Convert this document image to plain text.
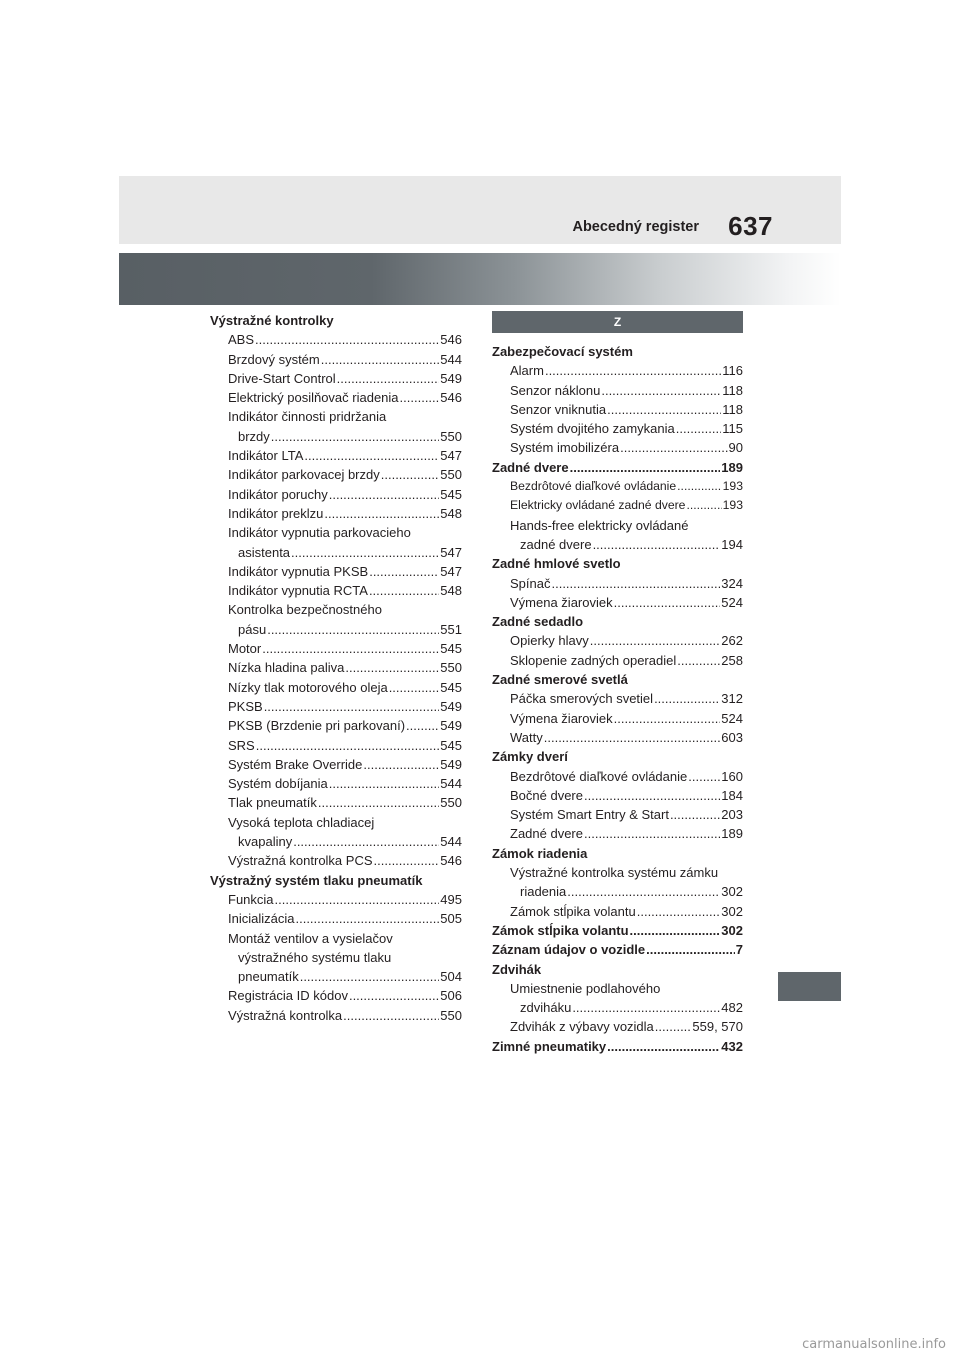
Abecedný register 637
Výstražné kontrolky
ABS .....	546
Brzdový systém .....	544
Drive-Start Control .....	549
Elektrický posilňovač riadenia .....	546
Indikátor činnosti pridržania
brzdy .....	550
Indikátor LTA .....	547
Indikátor parkovacej brzdy .....	550
Indikátor poruchy .....	545
Indikátor preklzu .....	548
Indikátor vypnutia parkovacieho
asistenta .....	547
Indikátor vypnutia PKSB .....	547
Indikátor vypnutia RCTA .....	548
Kontrolka bezpečnostného
pásu .....	551
Motor .....	545
Nízka hladina paliva .....	550
Nízky tlak motorového oleja .....	545
PKSB .....	549
PKSB (Brzdenie pri parkovaní) .....	549
SRS .....	545
Systém Brake Override .....	549
Systém dobíjania .....	544
Tlak pneumatík .....	550
Vysoká teplota chladiacej
kvapaliny .....	544
Výstražná kontrolka PCS .....	546
Výstražný systém tlaku pneumatík
Funkcia .....	495
Inicializácia .....	505
Montáž ventilov a vysielačov
výstražného systému tlaku
pneumatík .....	504
Registrácia ID kódov .....	506
Výstražná kontrolka .....	550
Z
Zabezpečovací systém
Alarm .....	116
Senzor náklonu .....	118
Senzor vniknutia .....	118
Systém dvojitého zamykania .....	115
Systém imobilizéra .....	90
Zadné dvere .....	189
Bezdrôtové diaľkové ovládanie .....	193
Elektricky ovládané zadné dvere .....	193
Hands-free elektricky ovládané
zadné dvere .....	194
Zadné hmlové svetlo
Spínač .....	324
Výmena žiaroviek .....	524
Zadné sedadlo
Opierky hlavy .....	262
Sklopenie zadných operadiel .....	258
Zadné smerové svetlá
Páčka smerových svetiel .....	312
Výmena žiaroviek .....	524
Watty .....	603
Zámky dverí
Bezdrôtové diaľkové ovládanie .....	160
Bočné dvere .....	184
Systém Smart Entry & Start .....	203
Zadné dvere .....	189
Zámok riadenia
Výstražné kontrolka systému zámku
riadenia .....	302
Zámok stĺpika volantu .....	302
Zámok stĺpika volantu .....	302
Záznam údajov o vozidle .....	7
Zdvihák
Umiestnenie podlahového
zdviháku .....	482
Zdvihák z výbavy vozidla .....	559, 570
Zimné pneumatiky .....	432
carmanualsonline.info
